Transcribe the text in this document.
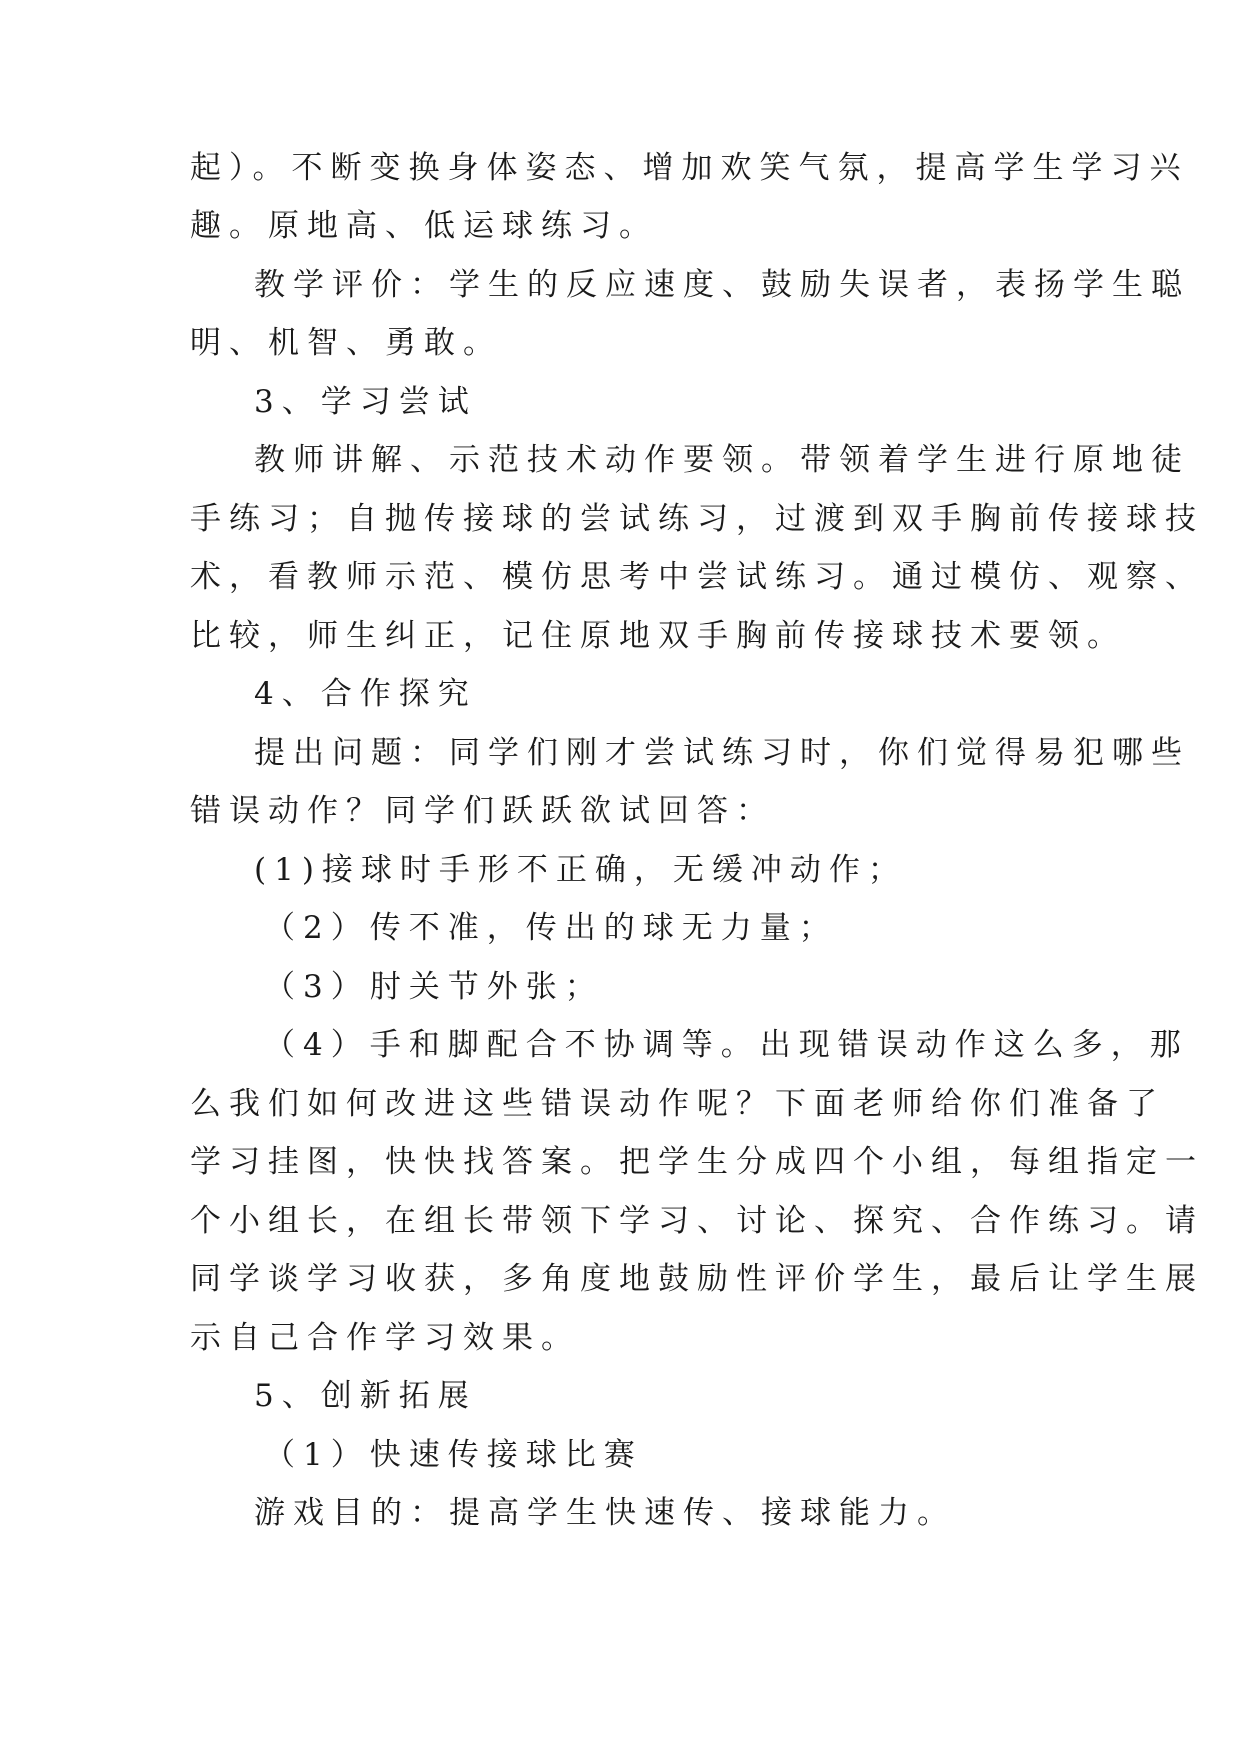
起）。不断变换身体姿态、增加欢笑气氛，提高学生学习兴

趣。原地高、低运球练习。

教学评价：学生的反应速度、鼓励失误者，表扬学生聪

明、机智、勇敢。

3、学习尝试

教师讲解、示范技术动作要领。带领着学生进行原地徒

手练习；自抛传接球的尝试练习，过渡到双手胸前传接球技

术，看教师示范、模仿思考中尝试练习。通过模仿、观察、

比较，师生纠正，记住原地双手胸前传接球技术要领。

4、合作探究

提出问题：同学们刚才尝试练习时，你们觉得易犯哪些

错误动作？同学们跃跃欲试回答：

(1)接球时手形不正确，无缓冲动作；

（2）传不准，传出的球无力量；

（3）肘关节外张；

（4）手和脚配合不协调等。出现错误动作这么多，那

么我们如何改进这些错误动作呢？下面老师给你们准备了

学习挂图，快快找答案。把学生分成四个小组，每组指定一

个小组长，在组长带领下学习、讨论、探究、合作练习。请

同学谈学习收获，多角度地鼓励性评价学生，最后让学生展

示自己合作学习效果。

5、创新拓展

（1）快速传接球比赛

游戏目的：提高学生快速传、接球能力。
